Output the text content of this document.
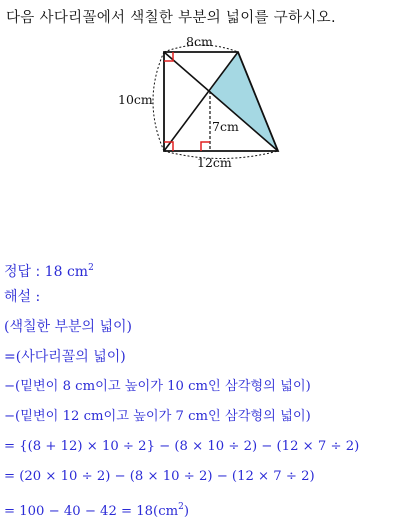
다음 사다리꼴에서 색칠한 부분의 넓이를 구하시오.
8cm
10cm
7cm
12cm
정답 : 18 $cm^2$
해설 :
(색칠한 부분의 넓이)
=(사다리꼴의 넓이)
−(밑변이 8 cm이고 높이가 10 cm인 삼각형의 넓이)
−(밑변이 12 cm이고 높이가 7 cm인 삼각형의 넓이)
= {(8 + 12) × 10 ÷ 2} − (8 × 10 ÷ 2) − (12 × 7 ÷ 2)
= (20 × 10 ÷ 2) − (8 × 10 ÷ 2) − (12 × 7 ÷ 2)
= $100 - 40 - 42 = 18(cm^2)$
